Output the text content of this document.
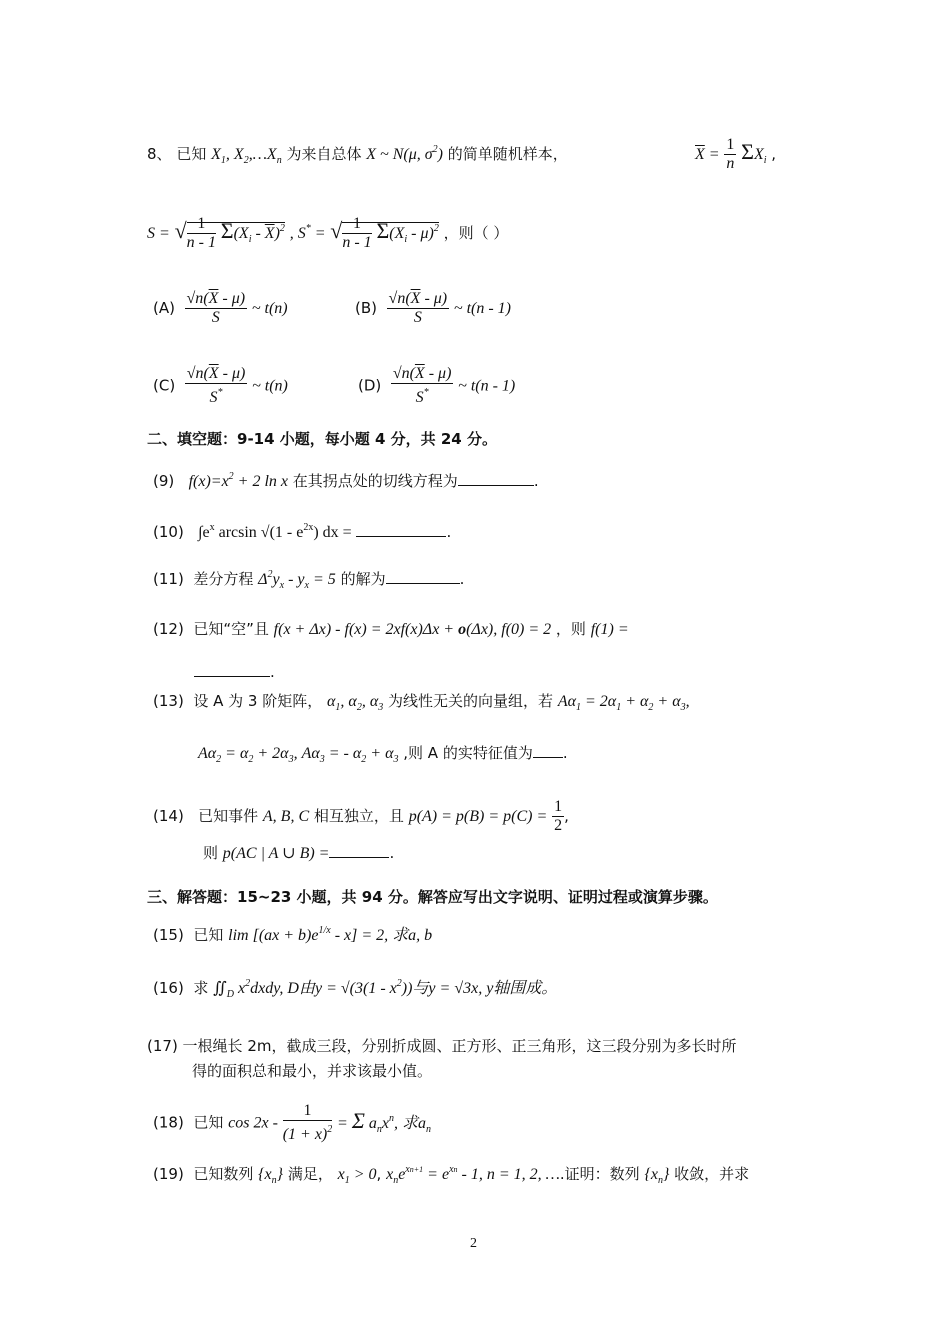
8、 已知 $X_1$, $X_2,\dots X_n$ 为来自总体 X ~ N(μ, $\sigma^2$) 的简单随机样本，	$\overline{X} = \frac{1}{n} \Sigma X_i$ ,
S = √ $\frac{1}{n - 1} \Sigma(X_i - \overline{X})^2$ , S* = √ $\frac{1}{n - 1} \Sigma(X_i - \mu)^2$ ，则（ ）
$(A) \frac{√n(\overline{X} - \mu)}{S}$ ~ t(n)	$(B) \frac{√n(\overline{X} - \mu)}{S}$ ~ t(n - 1)
$(C) \frac{√n(\overline{X} - \mu)}{S^*}$ ~ t(n)	$(D) \frac{√n(\overline{X} - \mu)}{S^*}$ ~ t(n - 1)
二、填空题：9-14 小题，每小题 4 分，共 24 分。
(9) $f(x)=x^2 + 2$ ln x 在其拐点处的切线方程为	.
(10) $\int e^x$ $\arcsin √(1 - e^{2x})$ dx =	.
(11) 差分方程 $\Delta^2y_x - y_x = 5$ 的解为	.
(12) 已知“空”且 f(x + Δx) - f(x) = 2xf(x)Δx + o(Δx), f(0) = 2 ，则 f(1) =
.
(13) 设 A 为 3 阶矩阵， $\alpha_1$, $\alpha_2$, $\alpha_3$ 为线性无关的向量组，若 $A\alpha_1 = 2\alpha_1 + \alpha_2 + \alpha_3$,
$A\alpha_2 = \alpha_2 + 2\alpha_3$, $A\alpha_3$ = - $\alpha_2 + \alpha_3$ ,则 A 的实特征值为 .
(14) 已知事件 A, B, C 相互独立，且 $p(A) = p(B) = p(C) = \frac{1}{2}$ ,
则 p(AC | A ∪ B) =	.
三、解答题：15~23 小题，共 94 分。解答应写出文字说明、证明过程或演算步骤。
(15) 已知 $\lim [(ax + b)e^{1/x} - x] = 2$, 求a, b
(16) 求 $∬_D$ $x^2dxdy$, D由$y = √(3(1 - x^2))$与y = √3x, y轴围成。
(17) 一根绳长 2m，截成三段，分别折成圆、正方形、正三角形，这三段分别为多长时所
得的面积总和最小，并求该最小值。
(18) 已知 $\cos 2x - \frac{1}{(1 + x)^2} = \Sigma$ $a_nx^n$, 求$a_n$
(19) 已知数列 $\{x_n\}$ 满足， $x_1 > 0$, $x_ne^{xn+1} = e^{xn} - 1$, n = 1, 2, ….证明：数列 $\{x_n\}$ 收敛，并求
2
